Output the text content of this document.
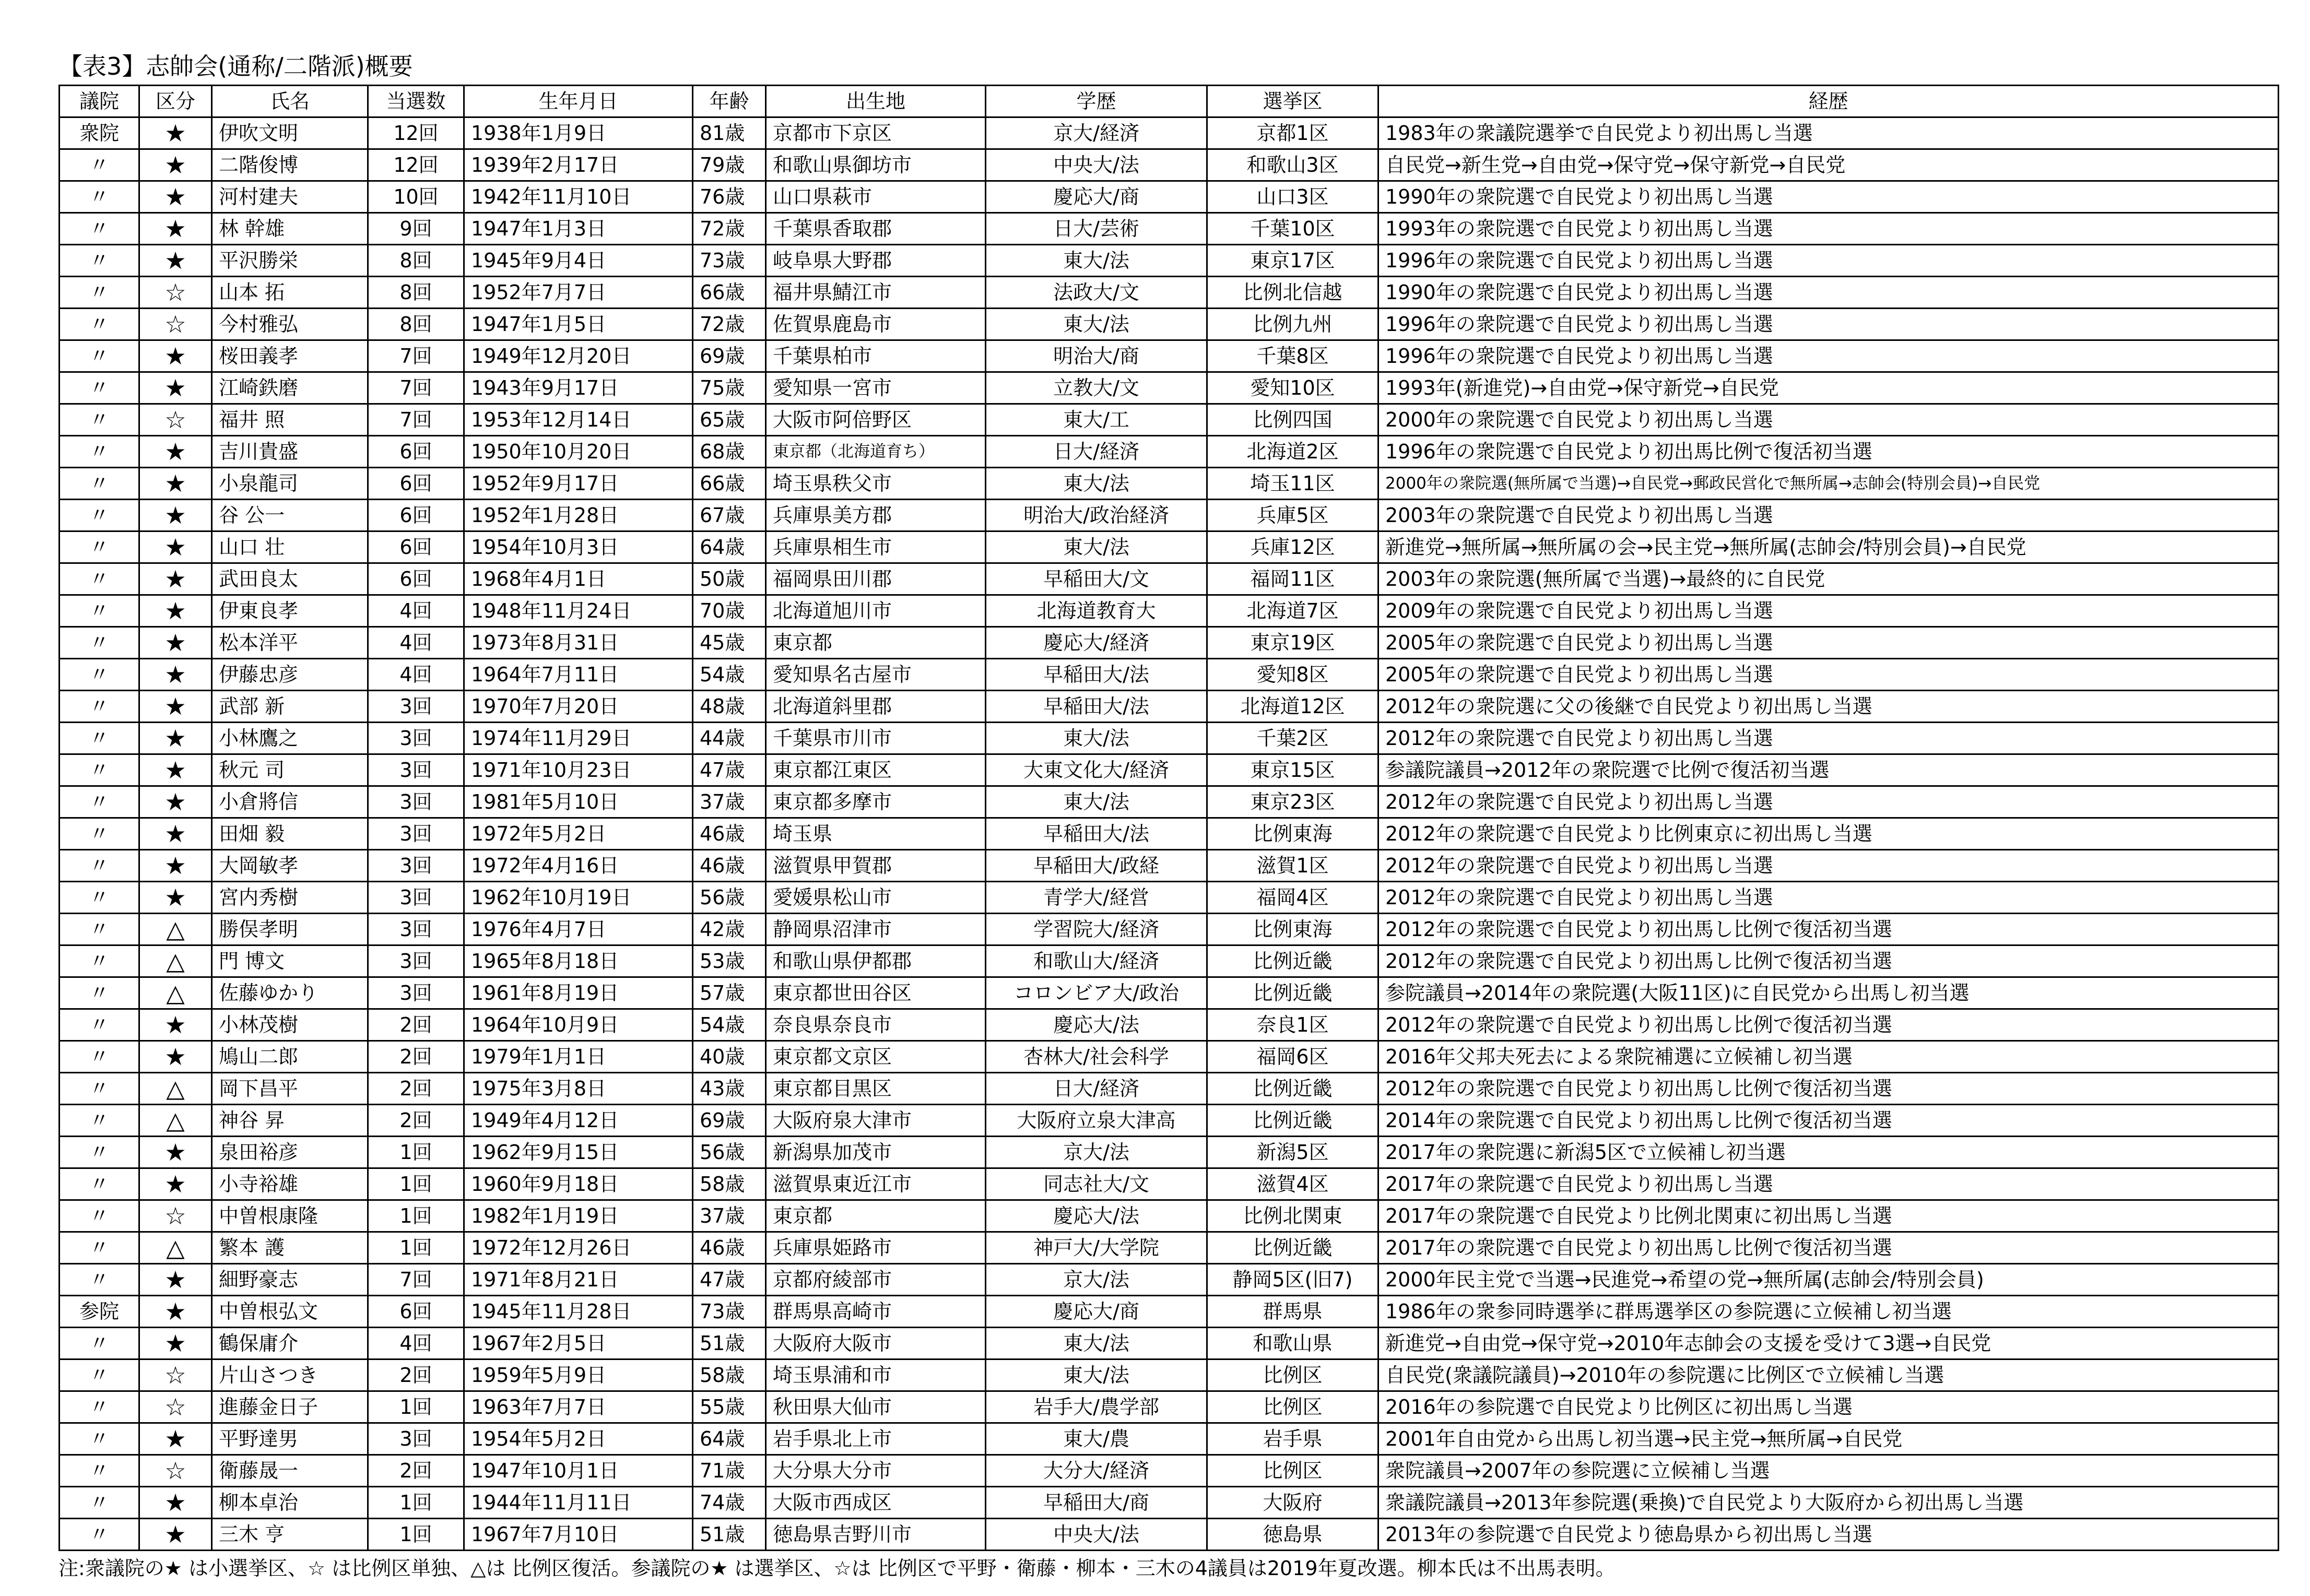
【表3】志帥会(通称/二階派)概要
議院	区分	氏名	当選数	生年月日	年齢	出生地	学歴	選挙区	経歴
衆院	★	伊吹文明	12回	1938年1月9日	81歳	京都市下京区	京大/経済	京都1区	1983年の衆議院選挙で自民党より初出馬し当選
〃	★	二階俊博	12回	1939年2月17日	79歳	和歌山県御坊市	中央大/法	和歌山3区	自民党→新生党→自由党→保守党→保守新党→自民党
〃	★	河村建夫	10回	1942年11月10日	76歳	山口県萩市	慶応大/商	山口3区	1990年の衆院選で自民党より初出馬し当選
〃	★	林 幹雄	9回	1947年1月3日	72歳	千葉県香取郡	日大/芸術	千葉10区	1993年の衆院選で自民党より初出馬し当選
〃	★	平沢勝栄	8回	1945年9月4日	73歳	岐阜県大野郡	東大/法	東京17区	1996年の衆院選で自民党より初出馬し当選
〃	☆	山本 拓	8回	1952年7月7日	66歳	福井県鯖江市	法政大/文	比例北信越	1990年の衆院選で自民党より初出馬し当選
〃	☆	今村雅弘	8回	1947年1月5日	72歳	佐賀県鹿島市	東大/法	比例九州	1996年の衆院選で自民党より初出馬し当選
〃	★	桜田義孝	7回	1949年12月20日	69歳	千葉県柏市	明治大/商	千葉8区	1996年の衆院選で自民党より初出馬し当選
〃	★	江崎鉄磨	7回	1943年9月17日	75歳	愛知県一宮市	立教大/文	愛知10区	1993年(新進党)→自由党→保守新党→自民党
〃	☆	福井 照	7回	1953年12月14日	65歳	大阪市阿倍野区	東大/工	比例四国	2000年の衆院選で自民党より初出馬し当選
〃	★	吉川貴盛	6回	1950年10月20日	68歳	東京都（北海道育ち）	日大/経済	北海道2区	1996年の衆院選で自民党より初出馬比例で復活初当選
〃	★	小泉龍司	6回	1952年9月17日	66歳	埼玉県秩父市	東大/法	埼玉11区	2000年の衆院選(無所属で当選)→自民党→郵政民営化で無所属→志帥会(特別会員)→自民党
〃	★	谷 公一	6回	1952年1月28日	67歳	兵庫県美方郡	明治大/政治経済	兵庫5区	2003年の衆院選で自民党より初出馬し当選
〃	★	山口 壮	6回	1954年10月3日	64歳	兵庫県相生市	東大/法	兵庫12区	新進党→無所属→無所属の会→民主党→無所属(志帥会/特別会員)→自民党
〃	★	武田良太	6回	1968年4月1日	50歳	福岡県田川郡	早稲田大/文	福岡11区	2003年の衆院選(無所属で当選)→最終的に自民党
〃	★	伊東良孝	4回	1948年11月24日	70歳	北海道旭川市	北海道教育大	北海道7区	2009年の衆院選で自民党より初出馬し当選
〃	★	松本洋平	4回	1973年8月31日	45歳	東京都	慶応大/経済	東京19区	2005年の衆院選で自民党より初出馬し当選
〃	★	伊藤忠彦	4回	1964年7月11日	54歳	愛知県名古屋市	早稲田大/法	愛知8区	2005年の衆院選で自民党より初出馬し当選
〃	★	武部 新	3回	1970年7月20日	48歳	北海道斜里郡	早稲田大/法	北海道12区	2012年の衆院選に父の後継で自民党より初出馬し当選
〃	★	小林鷹之	3回	1974年11月29日	44歳	千葉県市川市	東大/法	千葉2区	2012年の衆院選で自民党より初出馬し当選
〃	★	秋元 司	3回	1971年10月23日	47歳	東京都江東区	大東文化大/経済	東京15区	参議院議員→2012年の衆院選で比例で復活初当選
〃	★	小倉將信	3回	1981年5月10日	37歳	東京都多摩市	東大/法	東京23区	2012年の衆院選で自民党より初出馬し当選
〃	★	田畑 毅	3回	1972年5月2日	46歳	埼玉県	早稲田大/法	比例東海	2012年の衆院選で自民党より比例東京に初出馬し当選
〃	★	大岡敏孝	3回	1972年4月16日	46歳	滋賀県甲賀郡	早稲田大/政経	滋賀1区	2012年の衆院選で自民党より初出馬し当選
〃	★	宮内秀樹	3回	1962年10月19日	56歳	愛媛県松山市	青学大/経営	福岡4区	2012年の衆院選で自民党より初出馬し当選
〃	△	勝俣孝明	3回	1976年4月7日	42歳	静岡県沼津市	学習院大/経済	比例東海	2012年の衆院選で自民党より初出馬し比例で復活初当選
〃	△	門 博文	3回	1965年8月18日	53歳	和歌山県伊都郡	和歌山大/経済	比例近畿	2012年の衆院選で自民党より初出馬し比例で復活初当選
〃	△	佐藤ゆかり	3回	1961年8月19日	57歳	東京都世田谷区	コロンビア大/政治	比例近畿	参院議員→2014年の衆院選(大阪11区)に自民党から出馬し初当選
〃	★	小林茂樹	2回	1964年10月9日	54歳	奈良県奈良市	慶応大/法	奈良1区	2012年の衆院選で自民党より初出馬し比例で復活初当選
〃	★	鳩山二郎	2回	1979年1月1日	40歳	東京都文京区	杏林大/社会科学	福岡6区	2016年父邦夫死去による衆院補選に立候補し初当選
〃	△	岡下昌平	2回	1975年3月8日	43歳	東京都目黒区	日大/経済	比例近畿	2012年の衆院選で自民党より初出馬し比例で復活初当選
〃	△	神谷 昇	2回	1949年4月12日	69歳	大阪府泉大津市	大阪府立泉大津高	比例近畿	2014年の衆院選で自民党より初出馬し比例で復活初当選
〃	★	泉田裕彦	1回	1962年9月15日	56歳	新潟県加茂市	京大/法	新潟5区	2017年の衆院選に新潟5区で立候補し初当選
〃	★	小寺裕雄	1回	1960年9月18日	58歳	滋賀県東近江市	同志社大/文	滋賀4区	2017年の衆院選で自民党より初出馬し当選
〃	☆	中曽根康隆	1回	1982年1月19日	37歳	東京都	慶応大/法	比例北関東	2017年の衆院選で自民党より比例北関東に初出馬し当選
〃	△	繁本 護	1回	1972年12月26日	46歳	兵庫県姫路市	神戸大/大学院	比例近畿	2017年の衆院選で自民党より初出馬し比例で復活初当選
〃	★	細野豪志	7回	1971年8月21日	47歳	京都府綾部市	京大/法	静岡5区(旧7)	2000年民主党で当選→民進党→希望の党→無所属(志帥会/特別会員)
参院	★	中曽根弘文	6回	1945年11月28日	73歳	群馬県高崎市	慶応大/商	群馬県	1986年の衆参同時選挙に群馬選挙区の参院選に立候補し初当選
〃	★	鶴保庸介	4回	1967年2月5日	51歳	大阪府大阪市	東大/法	和歌山県	新進党→自由党→保守党→2010年志帥会の支援を受けて3選→自民党
〃	☆	片山さつき	2回	1959年5月9日	58歳	埼玉県浦和市	東大/法	比例区	自民党(衆議院議員)→2010年の参院選に比例区で立候補し当選
〃	☆	進藤金日子	1回	1963年7月7日	55歳	秋田県大仙市	岩手大/農学部	比例区	2016年の参院選で自民党より比例区に初出馬し当選
〃	★	平野達男	3回	1954年5月2日	64歳	岩手県北上市	東大/農	岩手県	2001年自由党から出馬し初当選→民主党→無所属→自民党
〃	☆	衛藤晟一	2回	1947年10月1日	71歳	大分県大分市	大分大/経済	比例区	衆院議員→2007年の参院選に立候補し当選
〃	★	柳本卓治	1回	1944年11月11日	74歳	大阪市西成区	早稲田大/商	大阪府	衆議院議員→2013年参院選(乗換)で自民党より大阪府から初出馬し当選
〃	★	三木 亨	1回	1967年7月10日	51歳	徳島県吉野川市	中央大/法	徳島県	2013年の参院選で自民党より徳島県から初出馬し当選
注:衆議院の★ は小選挙区、☆ は比例区単独、△は 比例区復活。参議院の★ は選挙区、☆は 比例区で平野・衛藤・柳本・三木の4議員は2019年夏改選。柳本氏は不出馬表明。
